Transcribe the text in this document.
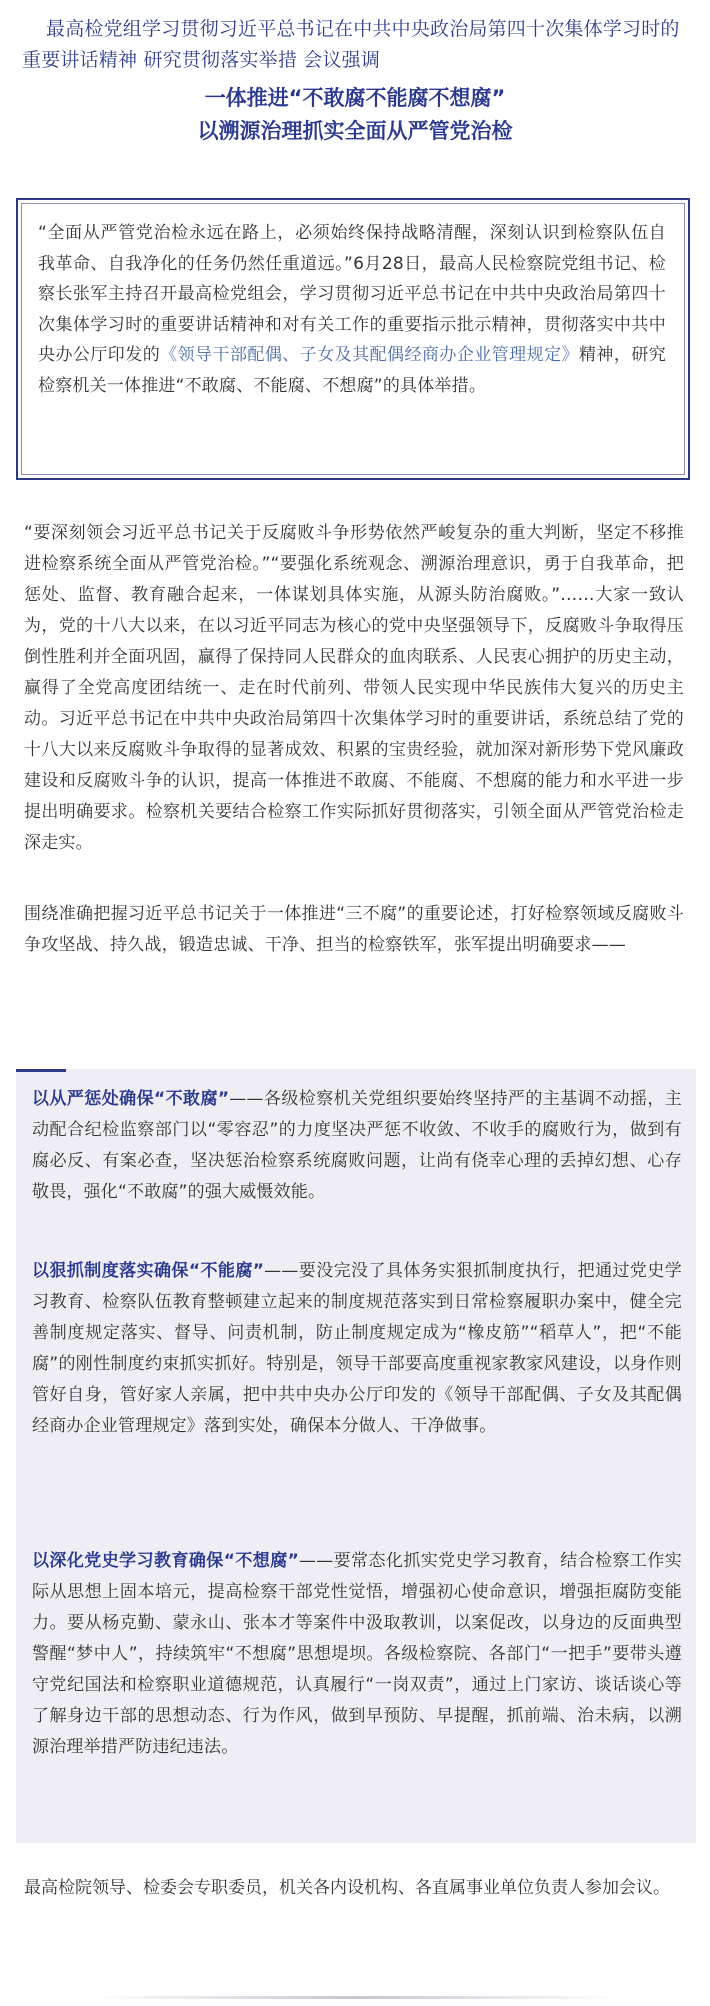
最高检党组学习贯彻习近平总书记在中共中央政治局第四十次集体学习时的重要讲话精神 研究贯彻落实举措 会议强调
一体推进“不敢腐不能腐不想腐”
以溯源治理抓实全面从严管党治检
“全面从严管党治检永远在路上，必须始终保持战略清醒，深刻认识到检察队伍自我革命、自我净化的任务仍然任重道远。”6月28日，最高人民检察院党组书记、检察长张军主持召开最高检党组会，学习贯彻习近平总书记在中共中央政治局第四十次集体学习时的重要讲话精神和对有关工作的重要指示批示精神，贯彻落实中共中央办公厅印发的《领导干部配偶、子女及其配偶经商办企业管理规定》精神，研究检察机关一体推进“不敢腐、不能腐、不想腐”的具体举措。
“要深刻领会习近平总书记关于反腐败斗争形势依然严峻复杂的重大判断，坚定不移推进检察系统全面从严管党治检。”“要强化系统观念、溯源治理意识，勇于自我革命，把惩处、监督、教育融合起来，一体谋划具体实施，从源头防治腐败。”……大家一致认为，党的十八大以来，在以习近平同志为核心的党中央坚强领导下，反腐败斗争取得压倒性胜利并全面巩固，赢得了保持同人民群众的血肉联系、人民衷心拥护的历史主动，赢得了全党高度团结统一、走在时代前列、带领人民实现中华民族伟大复兴的历史主动。习近平总书记在中共中央政治局第四十次集体学习时的重要讲话，系统总结了党的十八大以来反腐败斗争取得的显著成效、积累的宝贵经验，就加深对新形势下党风廉政建设和反腐败斗争的认识，提高一体推进不敢腐、不能腐、不想腐的能力和水平进一步提出明确要求。检察机关要结合检察工作实际抓好贯彻落实，引领全面从严管党治检走深走实。
围绕准确把握习近平总书记关于一体推进“三不腐”的重要论述，打好检察领域反腐败斗争攻坚战、持久战，锻造忠诚、干净、担当的检察铁军，张军提出明确要求——
以从严惩处确保“不敢腐”——各级检察机关党组织要始终坚持严的主基调不动摇，主动配合纪检监察部门以“零容忍”的力度坚决严惩不收敛、不收手的腐败行为，做到有腐必反、有案必查，坚决惩治检察系统腐败问题，让尚有侥幸心理的丢掉幻想、心存敬畏，强化“不敢腐”的强大威慑效能。
以狠抓制度落实确保“不能腐”——要没完没了具体务实狠抓制度执行，把通过党史学习教育、检察队伍教育整顿建立起来的制度规范落实到日常检察履职办案中，健全完善制度规定落实、督导、问责机制，防止制度规定成为“橡皮筋”“稻草人”，把“不能腐”的刚性制度约束抓实抓好。特别是，领导干部要高度重视家教家风建设，以身作则管好自身，管好家人亲属，把中共中央办公厅印发的《领导干部配偶、子女及其配偶经商办企业管理规定》落到实处，确保本分做人、干净做事。
以深化党史学习教育确保“不想腐”——要常态化抓实党史学习教育，结合检察工作实际从思想上固本培元，提高检察干部党性觉悟，增强初心使命意识，增强拒腐防变能力。要从杨克勤、蒙永山、张本才等案件中汲取教训，以案促改，以身边的反面典型警醒“梦中人”，持续筑牢“不想腐”思想堤坝。各级检察院、各部门“一把手”要带头遵守党纪国法和检察职业道德规范，认真履行“一岗双责”，通过上门家访、谈话谈心等了解身边干部的思想动态、行为作风，做到早预防、早提醒，抓前端、治未病，以溯源治理举措严防违纪违法。
最高检院领导、检委会专职委员，机关各内设机构、各直属事业单位负责人参加会议。
